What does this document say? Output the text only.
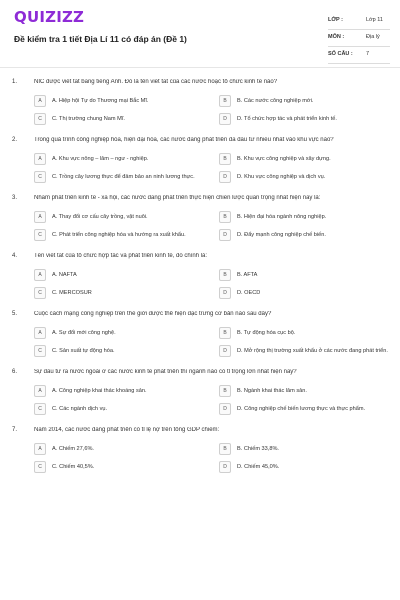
QUIZIZZ
Đề kiểm tra 1 tiết Địa Lí 11 có đáp án (Đề 1)
LỚP :	Lớp 11
MÔN :	Địa lý
SỐ CÂU : 7
1.	NIC được viết tắt bằng tiếng Anh. Đó là tên viết tắt của các nước hoặc tổ chức kinh tế nào?
A	A. Hiệp hội Tự do Thương mại Bắc Mĩ.	B	B. Các nước công nghiệp mới.
C	C. Thị trường chung Nam Mĩ.	D	D. Tổ chức hợp tác và phát triển kinh tế.
2.	Trong quá trình công nghiệp hóa, hiện đại hóa, các nước đang phát triển đã đầu tư nhiều nhất vào khu vực nào?
A	A. Khu vực nông – lâm – ngư - nghiệp.	B	B. Khu vực công nghiệp và xây dựng.
C	C. Trồng cây lương thực để đảm bảo an ninh lương thực.	D	D. Khu vực công nghiệp và dịch vụ.
3.	Nhằm phát triển kinh tế - xã hội, các nước đang phát triển thực hiện chiến lược quan trọng nhất hiện nay là:
A	A. Thay đổi cơ cấu cây trồng, vật nuôi.	B	B. Hiện đại hóa ngành nông nghiệp.
C	C. Phát triển công nghiệp hóa và hướng ra xuất khẩu.	D	D. Đẩy mạnh công nghiệp chế biến.
4.	Tên viết tắt của tổ chức hợp tác và phát triển kinh tế, đó chính là:
A	A. NAFTA	B	B. AFTA
C	C. MERCOSUR	D	D. OECD
5.	Cuộc cách mạng công nghiệp trên thế giới được thể hiện đặc trưng cơ bản nào sau đây?
A	A. Sự đổi mới công nghệ.	B	B. Tự động hóa cục bộ.
C	C. Sản xuất tự động hóa.	D	D. Mở rộng thị trường xuất khẩu ở các nước đang phát triển.
6.	Sự đầu tư ra nước ngoài ở các nước kinh tế phát triển thì ngành nào có tỉ trọng lớn nhất hiện nay?
A	A. Công nghiệp khai thác khoáng sản.	B	B. Ngành khai thác lâm sản.
C	C. Các ngành dịch vụ.	D	D. Công nghiệp chế biến lương thực và thực phẩm.
7.	Năm 2014, các nước đang phát triển có tỉ lệ nợ trên tổng GDP chiếm:
A	A. Chiếm 27,6%.	B	B. Chiếm 33,8%.
C	C. Chiếm 40,5%.	D	D. Chiếm 45,0%.
